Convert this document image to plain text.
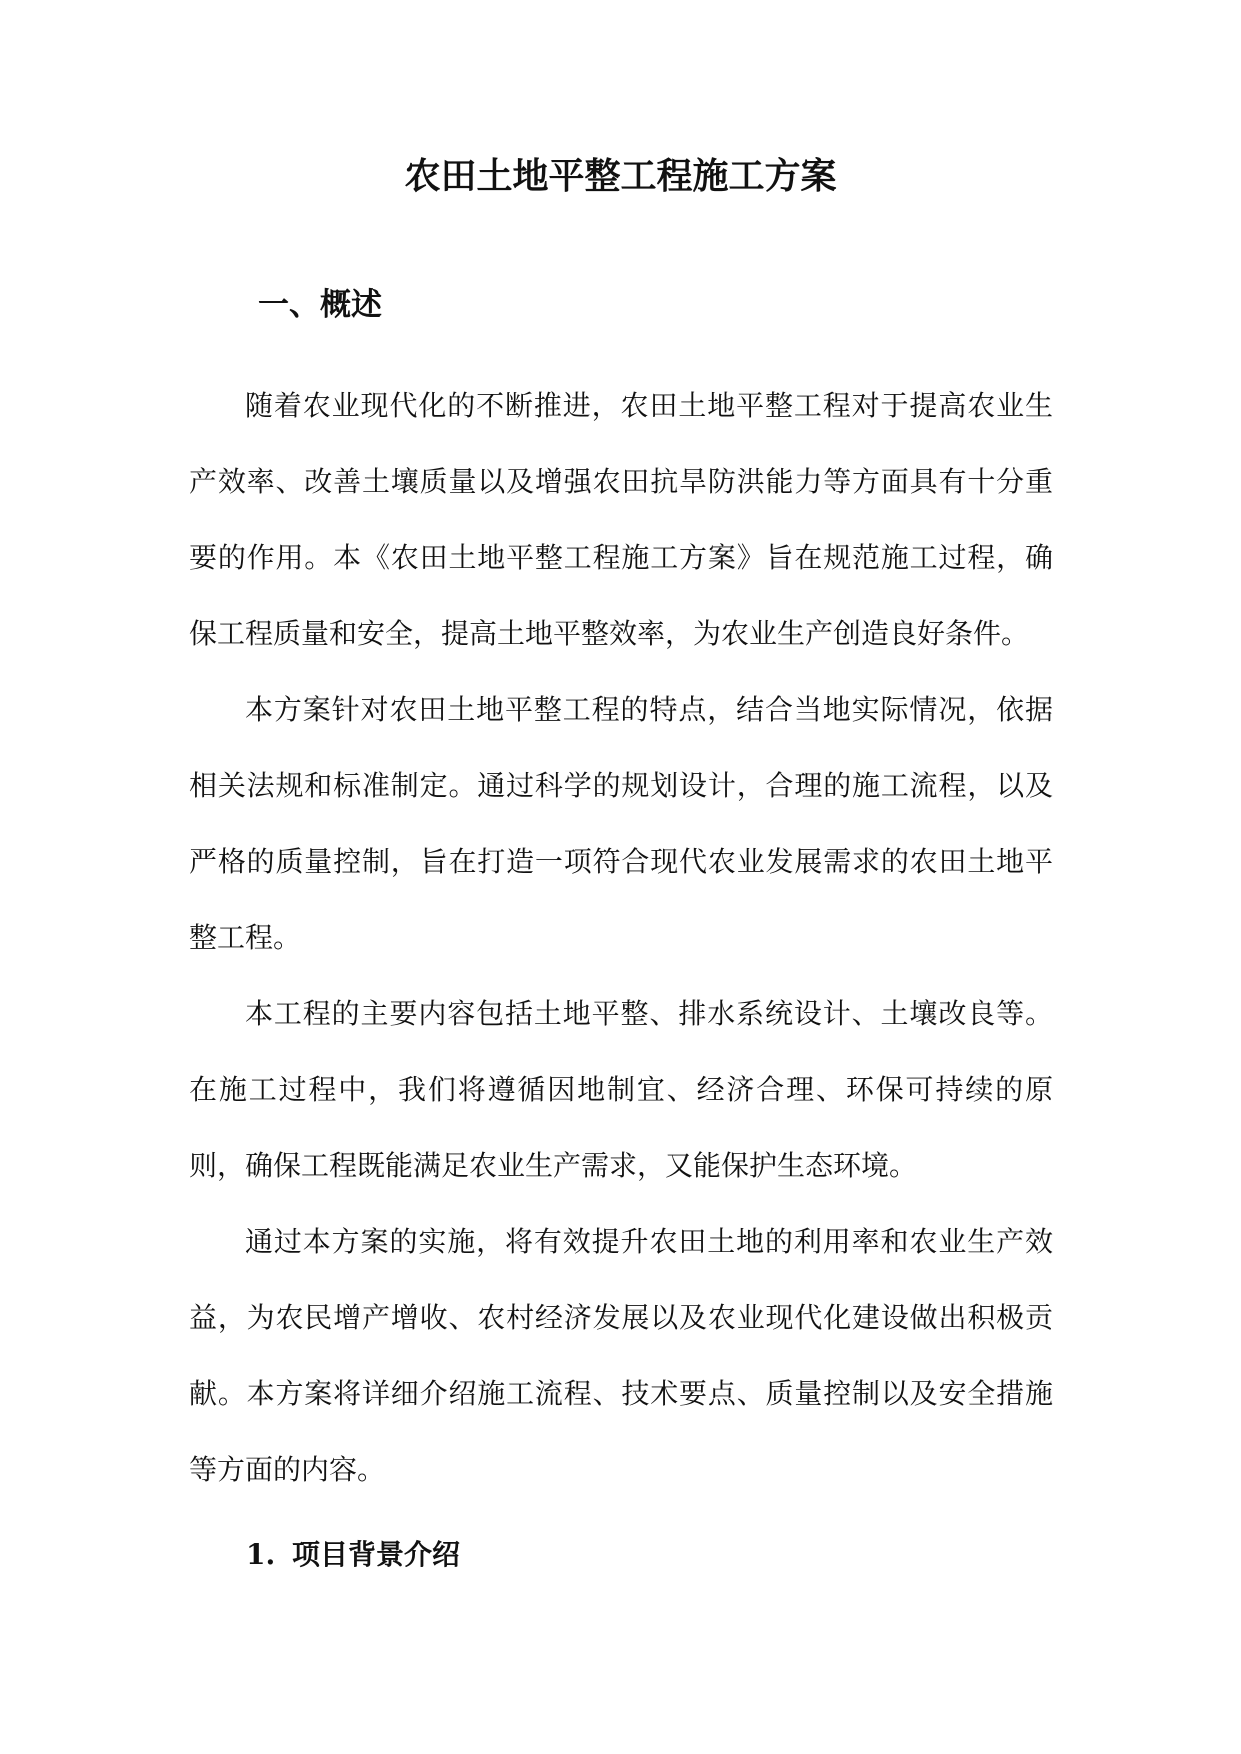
农田土地平整工程施工方案
一、概述

随着农业现代化的不断推进，农田土地平整工程对于提高农业生产效率、改善土壤质量以及增强农田抗旱防洪能力等方面具有十分重要的作用。本《农田土地平整工程施工方案》旨在规范施工过程，确保工程质量和安全，提高土地平整效率，为农业生产创造良好条件。

本方案针对农田土地平整工程的特点，结合当地实际情况，依据相关法规和标准制定。通过科学的规划设计，合理的施工流程，以及严格的质量控制，旨在打造一项符合现代农业发展需求的农田土地平整工程。

本工程的主要内容包括土地平整、排水系统设计、土壤改良等。在施工过程中，我们将遵循因地制宜、经济合理、环保可持续的原则，确保工程既能满足农业生产需求，又能保护生态环境。

通过本方案的实施，将有效提升农田土地的利用率和农业生产效益，为农民增产增收、农村经济发展以及农业现代化建设做出积极贡献。本方案将详细介绍施工流程、技术要点、质量控制以及安全措施等方面的内容。

1. 项目背景介绍
